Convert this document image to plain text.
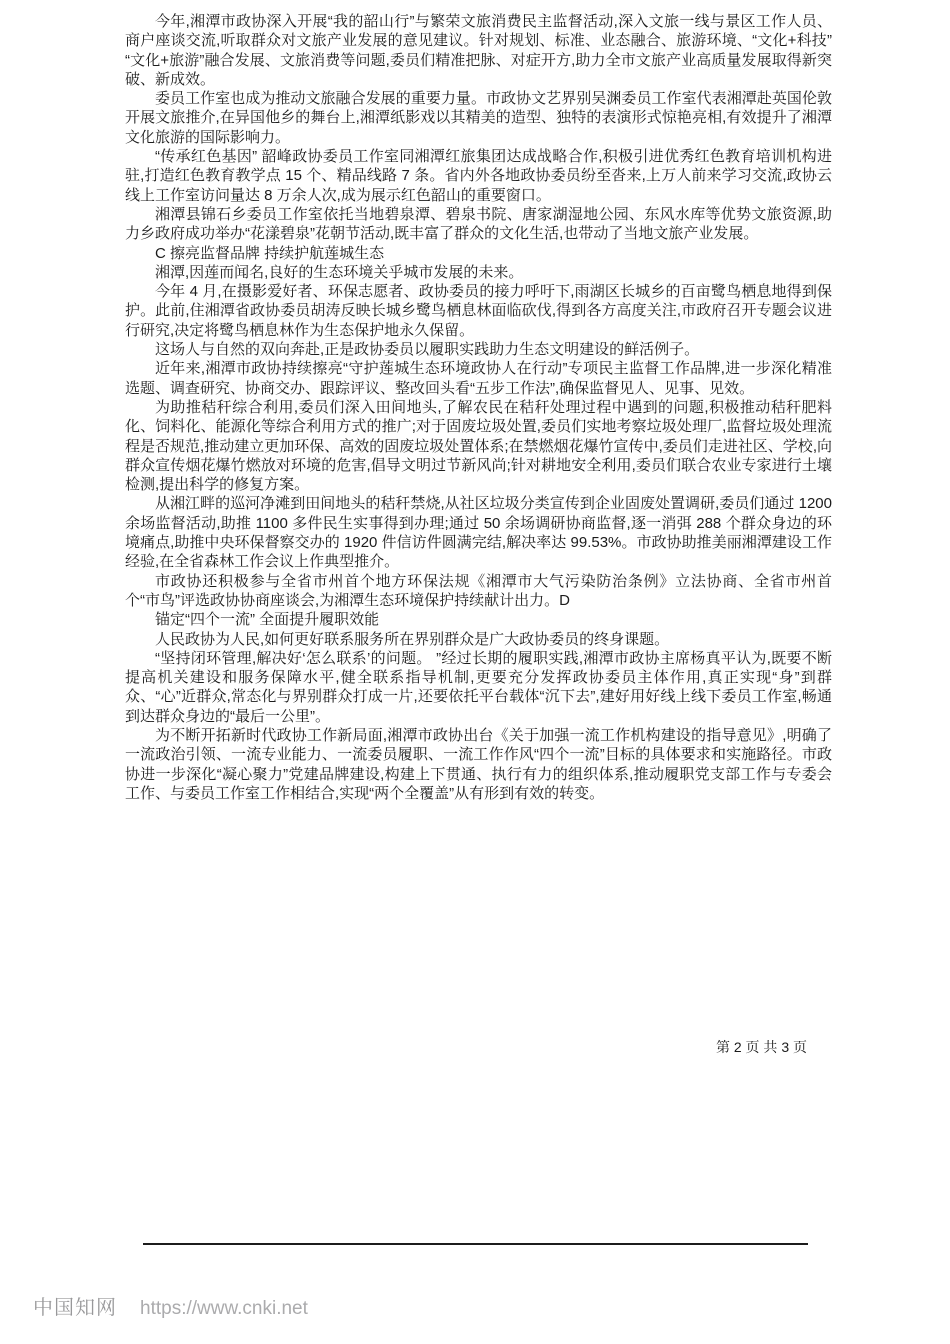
今年,湘潭市政协深入开展“我的韶山行”与繁荣文旅消费民主监督活动,深入文旅一线与景区工作人员、商户座谈交流,听取群众对文旅产业发展的意见建议。针对规划、标准、业态融合、旅游环境、“文化+科技” “文化+旅游”融合发展、文旅消费等问题,委员们精准把脉、对症开方,助力全市文旅产业高质量发展取得新突破、新成效。

委员工作室也成为推动文旅融合发展的重要力量。市政协文艺界别吴渊委员工作室代表湘潭赴英国伦敦开展文旅推介,在异国他乡的舞台上,湘潭纸影戏以其精美的造型、独特的表演形式惊艳亮相,有效提升了湘潭文化旅游的国际影响力。

“传承红色基因” 韶峰政协委员工作室同湘潭红旅集团达成战略合作,积极引进优秀红色教育培训机构进驻,打造红色教育教学点 15 个、精品线路 7 条。省内外各地政协委员纷至沓来,上万人前来学习交流,政协云线上工作室访问量达 8 万余人次,成为展示红色韶山的重要窗口。

湘潭县锦石乡委员工作室依托当地碧泉潭、碧泉书院、唐家湖湿地公园、东风水库等优势文旅资源,助力乡政府成功举办“花漾碧泉”花朝节活动,既丰富了群众的文化生活,也带动了当地文旅产业发展。

C 擦亮监督品牌 持续护航莲城生态

湘潭,因莲而闻名,良好的生态环境关乎城市发展的未来。

今年 4 月,在摄影爱好者、环保志愿者、政协委员的接力呼吁下,雨湖区长城乡的百亩鹭鸟栖息地得到保护。此前,住湘潭省政协委员胡涛反映长城乡鹭鸟栖息林面临砍伐,得到各方高度关注,市政府召开专题会议进行研究,决定将鹭鸟栖息林作为生态保护地永久保留。

这场人与自然的双向奔赴,正是政协委员以履职实践助力生态文明建设的鲜活例子。

近年来,湘潭市政协持续擦亮“守护莲城生态环境政协人在行动”专项民主监督工作品牌,进一步深化精准选题、调查研究、协商交办、跟踪评议、整改回头看“五步工作法”,确保监督见人、见事、见效。

为助推秸秆综合利用,委员们深入田间地头,了解农民在秸秆处理过程中遇到的问题,积极推动秸秆肥料化、饲料化、能源化等综合利用方式的推广;对于固废垃圾处置,委员们实地考察垃圾处理厂,监督垃圾处理流程是否规范,推动建立更加环保、高效的固废垃圾处置体系;在禁燃烟花爆竹宣传中,委员们走进社区、学校,向群众宣传烟花爆竹燃放对环境的危害,倡导文明过节新风尚;针对耕地安全利用,委员们联合农业专家进行土壤检测,提出科学的修复方案。

从湘江畔的巡河净滩到田间地头的秸秆禁烧,从社区垃圾分类宣传到企业固废处置调研,委员们通过 1200 余场监督活动,助推 1100 多件民生实事得到办理;通过 50 余场调研协商监督,逐一消弭 288 个群众身边的环境痛点,助推中央环保督察交办的 1920 件信访件圆满完结,解决率达 99.53%。市政协助推美丽湘潭建设工作经验,在全省森林工作会议上作典型推介。

市政协还积极参与全省市州首个地方环保法规《湘潭市大气污染防治条例》立法协商、全省市州首个“市鸟”评选政协协商座谈会,为湘潭生态环境保护持续献计出力。D

锚定“四个一流” 全面提升履职效能

人民政协为人民,如何更好联系服务所在界别群众是广大政协委员的终身课题。

“坚持闭环管理,解决好‘怎么联系’的问题。 ”经过长期的履职实践,湘潭市政协主席杨真平认为,既要不断提高机关建设和服务保障水平,健全联系指导机制,更要充分发挥政协委员主体作用,真正实现“身”到群众、“心”近群众,常态化与界别群众打成一片,还要依托平台载体“沉下去”,建好用好线上线下委员工作室,畅通到达群众身边的“最后一公里”。

为不断开拓新时代政协工作新局面,湘潭市政协出台《关于加强一流工作机构建设的指导意见》,明确了一流政治引领、一流专业能力、一流委员履职、一流工作作风“四个一流”目标的具体要求和实施路径。市政协进一步深化“凝心聚力”党建品牌建设,构建上下贯通、执行有力的组织体系,推动履职党支部工作与专委会工作、与委员工作室工作相结合,实现“两个全覆盖”从有形到有效的转变。

第 2 页 共 3 页
中国知网 https://www.cnki.net
